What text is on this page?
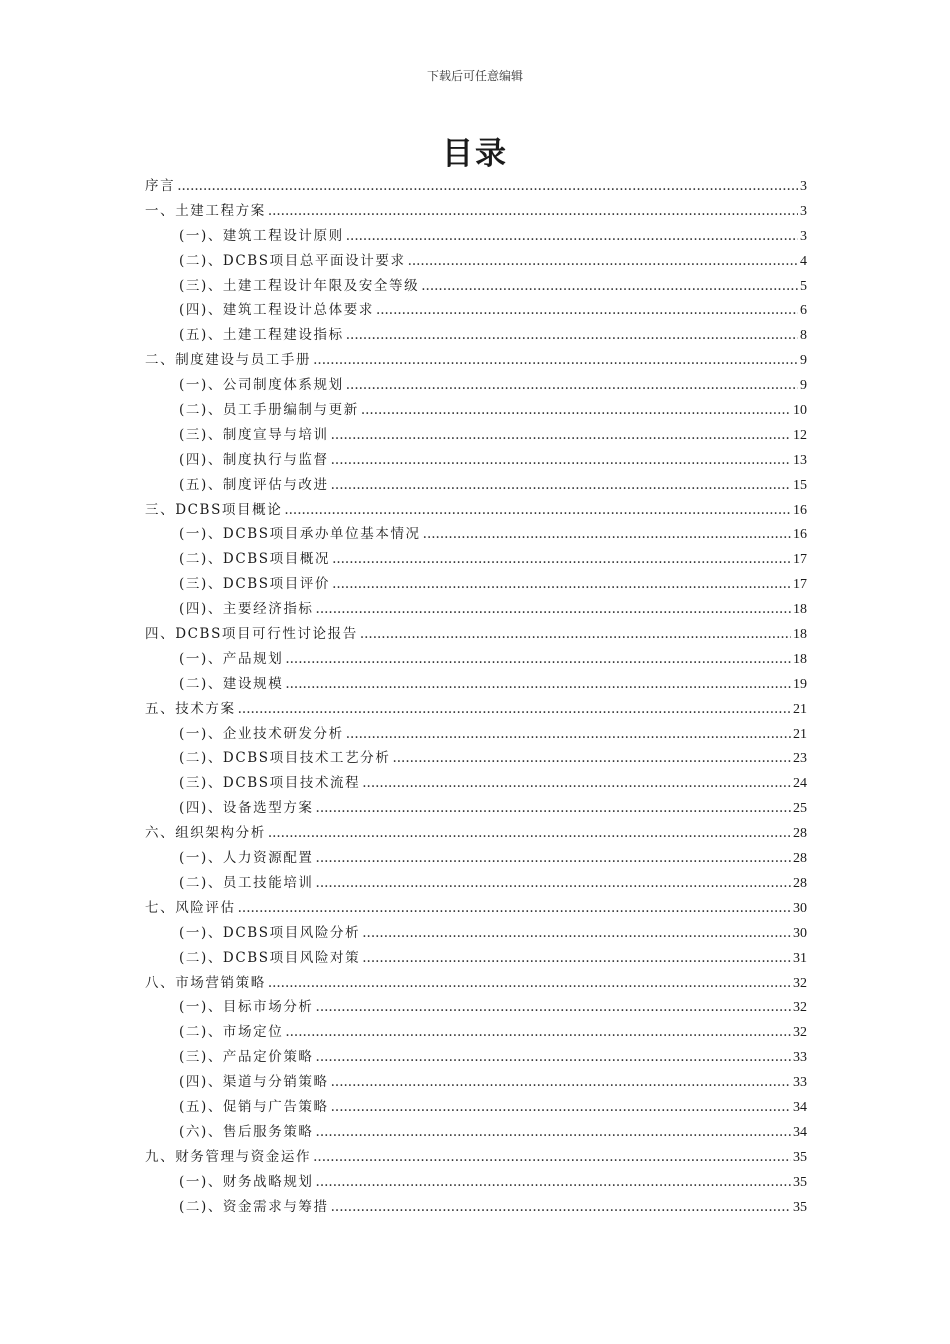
下载后可任意编辑
目录
序言 .....	3
一、土建工程方案 .....	3
(一)、建筑工程设计原则 .....	3
(二)、DCBS项目总平面设计要求 .....	4
(三)、土建工程设计年限及安全等级 .....	5
(四)、建筑工程设计总体要求 .....	6
(五)、土建工程建设指标 .....	8
二、制度建设与员工手册 .....	9
(一)、公司制度体系规划 .....	9
(二)、员工手册编制与更新 .....	10
(三)、制度宣导与培训 .....	12
(四)、制度执行与监督 .....	13
(五)、制度评估与改进 .....	15
三、DCBS项目概论 .....	16
(一)、DCBS项目承办单位基本情况 .....	16
(二)、DCBS项目概况 .....	17
(三)、DCBS项目评价 .....	17
(四)、主要经济指标 .....	18
四、DCBS项目可行性讨论报告 .....	18
(一)、产品规划 .....	18
(二)、建设规模 .....	19
五、技术方案 .....	21
(一)、企业技术研发分析 .....	21
(二)、DCBS项目技术工艺分析 .....	23
(三)、DCBS项目技术流程 .....	24
(四)、设备选型方案 .....	25
六、组织架构分析 .....	28
(一)、人力资源配置 .....	28
(二)、员工技能培训 .....	28
七、风险评估 .....	30
(一)、DCBS项目风险分析 .....	30
(二)、DCBS项目风险对策 .....	31
八、市场营销策略 .....	32
(一)、目标市场分析 .....	32
(二)、市场定位 .....	32
(三)、产品定价策略 .....	33
(四)、渠道与分销策略 .....	33
(五)、促销与广告策略 .....	34
(六)、售后服务策略 .....	34
九、财务管理与资金运作 .....	35
(一)、财务战略规划 .....	35
(二)、资金需求与筹措 .....	35
